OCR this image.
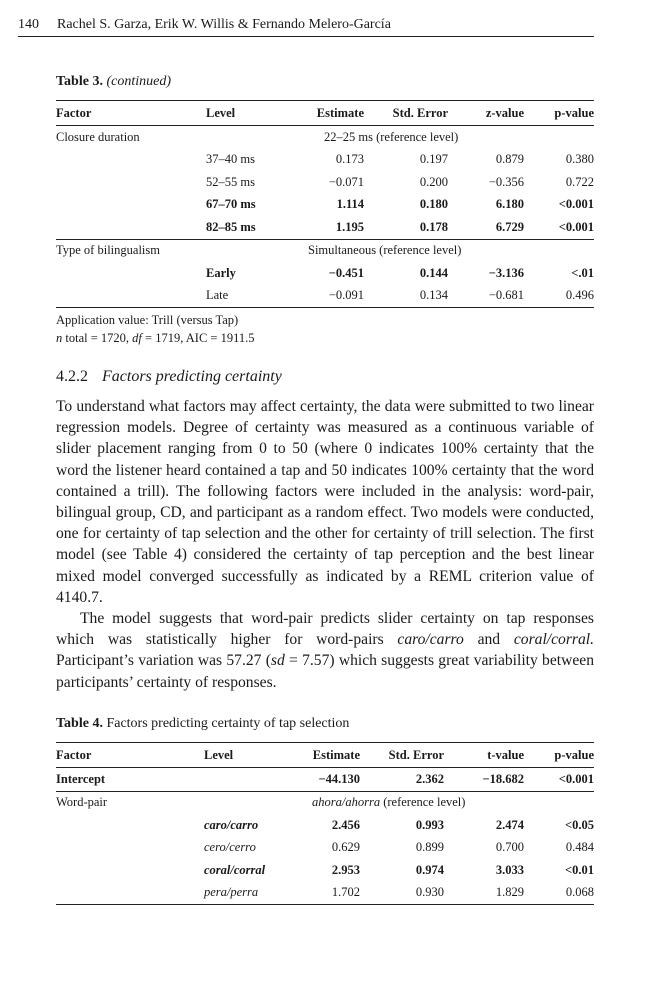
140 Rachel S. Garza, Erik W. Willis & Fernando Melero-García
Table 3. (continued)
Factor	Level	Estimate	Std. Error	z-value	p-value
Closure duration		22–25 ms (reference level)			
	37–40 ms	0.173	0.197	0.879	0.380
	52–55 ms	−0.071	0.200	−0.356	0.722
	67–70 ms	1.114	0.180	6.180	<0.001
	82–85 ms	1.195	0.178	6.729	<0.001
Type of bilingualism		Simultaneous (reference level)			
	Early	−0.451	0.144	−3.136	<.01
	Late	−0.091	0.134	−0.681	0.496
Application value: Trill (versus Tap)
n total = 1720, df = 1719, AIC = 1911.5
4.2.2 Factors predicting certainty

To understand what factors may affect certainty, the data were submitted to two linear regression models. Degree of certainty was measured as a continuous variable of slider placement ranging from 0 to 50 (where 0 indicates 100% certainty that the word the listener heard contained a tap and 50 indicates 100% certainty that the word contained a trill). The following factors were included in the analysis: word-pair, bilingual group, CD, and participant as a random effect. Two models were conducted, one for certainty of tap selection and the other for certainty of trill selection. The first model (see Table 4) considered the certainty of tap perception and the best linear mixed model converged successfully as indicated by a REML criterion value of 4140.7.

The model suggests that word-pair predicts slider certainty on tap responses which was statistically higher for word-pairs caro/carro and coral/corral. Participant’s variation was 57.27 (sd = 7.57) which suggests great variability between participants’ certainty of responses.

Table 4. Factors predicting certainty of tap selection
Factor	Level	Estimate	Std. Error	t-value	p-value
Intercept		−44.130	2.362	−18.682	<0.001
Word-pair		ahora/ahorra (reference level)			
	caro/carro	2.456	0.993	2.474	<0.05
	cero/cerro	0.629	0.899	0.700	0.484
	coral/corral	2.953	0.974	3.033	<0.01
	pera/perra	1.702	0.930	1.829	0.068
